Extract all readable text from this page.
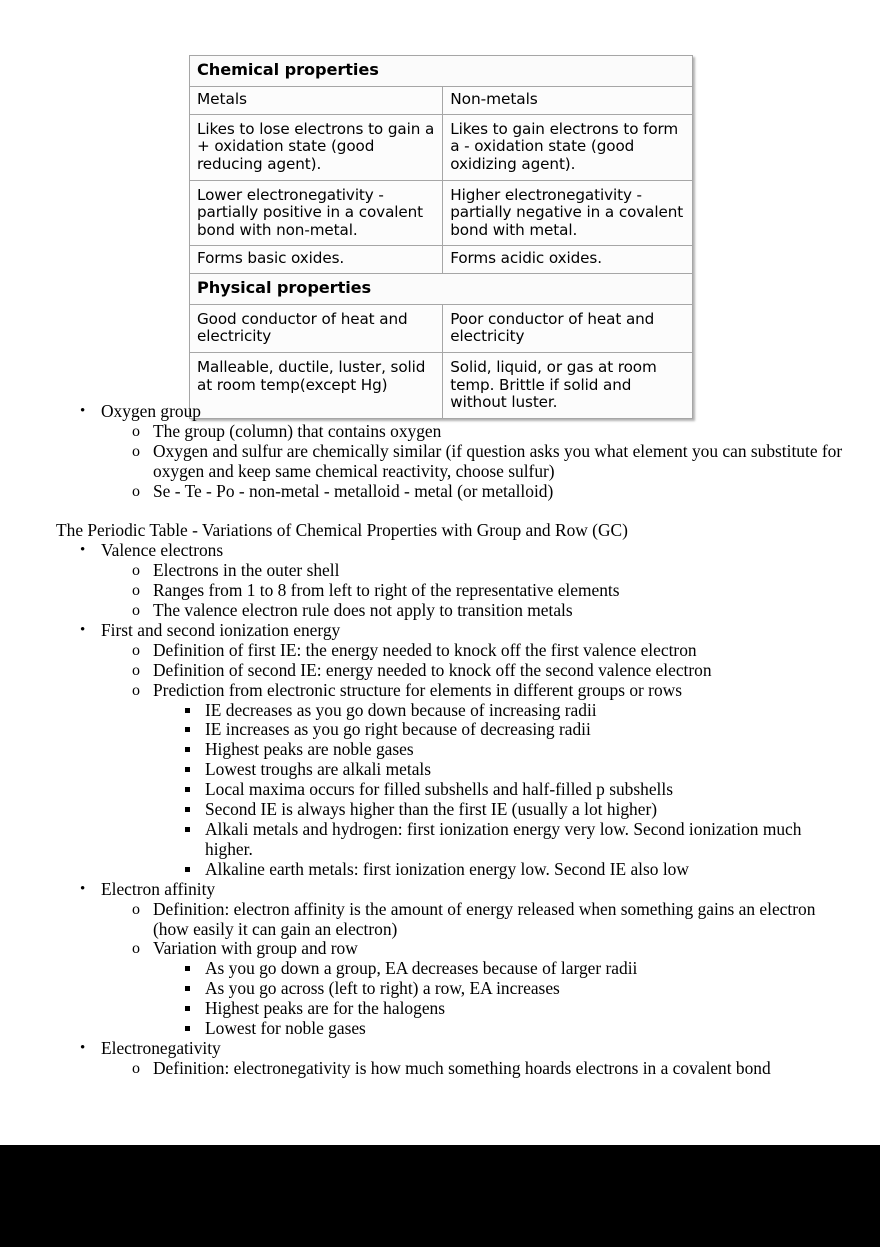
Chemical properties	
Metals	Non-metals
Likes to lose electrons to gain a + oxidation state (good reducing agent).	Likes to gain electrons to form a - oxidation state (good oxidizing agent).
Lower electronegativity - partially positive in a covalent bond with non-metal.	Higher electronegativity - partially negative in a covalent bond with metal.
Forms basic oxides.	Forms acidic oxides.
Physical properties	
Good conductor of heat and electricity	Poor conductor of heat and electricity
Malleable, ductile, luster, solid at room temp(except Hg)	Solid, liquid, or gas at room temp. Brittle if solid and without luster.
• Oxygen group
o The group (column) that contains oxygen
o Oxygen and sulfur are chemically similar (if question asks you what element you can substitute for oxygen and keep same chemical reactivity, choose sulfur)
o Se - Te - Po - non-metal - metalloid - metal (or metalloid)
The Periodic Table - Variations of Chemical Properties with Group and Row (GC)
• Valence electrons
o Electrons in the outer shell
o Ranges from 1 to 8 from left to right of the representative elements
o The valence electron rule does not apply to transition metals
• First and second ionization energy
o Definition of first IE: the energy needed to knock off the first valence electron
o Definition of second IE: energy needed to knock off the second valence electron
o Prediction from electronic structure for elements in different groups or rows
IE decreases as you go down because of increasing radii
IE increases as you go right because of decreasing radii
Highest peaks are noble gases
Lowest troughs are alkali metals
Local maxima occurs for filled subshells and half-filled p subshells
Second IE is always higher than the first IE (usually a lot higher)
Alkali metals and hydrogen: first ionization energy very low. Second ionization much higher.
Alkaline earth metals: first ionization energy low. Second IE also low
• Electron affinity
o Definition: electron affinity is the amount of energy released when something gains an electron (how easily it can gain an electron)
o Variation with group and row
As you go down a group, EA decreases because of larger radii
As you go across (left to right) a row, EA increases
Highest peaks are for the halogens
Lowest for noble gases
• Electronegativity
o Definition: electronegativity is how much something hoards electrons in a covalent bond
